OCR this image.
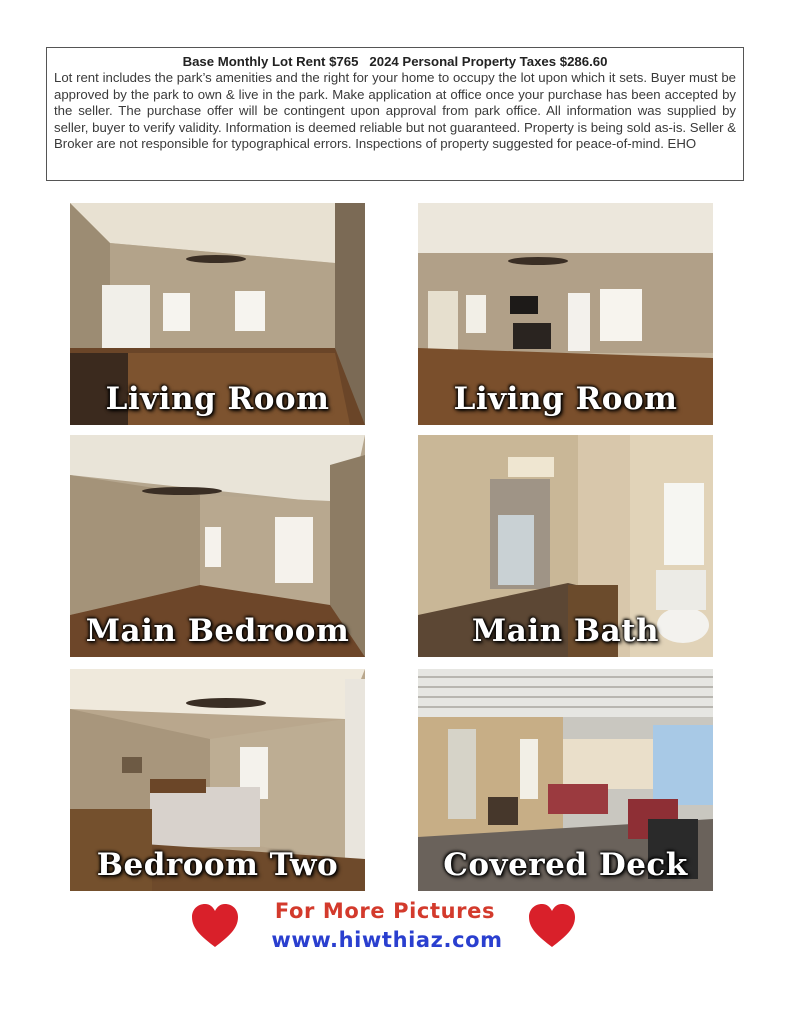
Base Monthly Lot Rent $765   2024 Personal Property Taxes $286.60
Lot rent includes the park’s amenities and the right for your home to occupy the lot upon which it sets. Buyer must be approved by the park to own & live in the park. Make application at office once your purchase has been accepted by the seller. The purchase offer will be contingent upon approval from park office. All information was supplied by seller, buyer to verify validity. Information is deemed reliable but not guaranteed. Property is being sold as-is. Seller & Broker are not responsible for typographical errors. Inspections of property suggested for peace-of-mind. EHO
Living Room	Living Room
Main Bedroom	Main Bath
Bedroom Two	Covered Deck
For More Pictures
www.hiwthiaz.com
